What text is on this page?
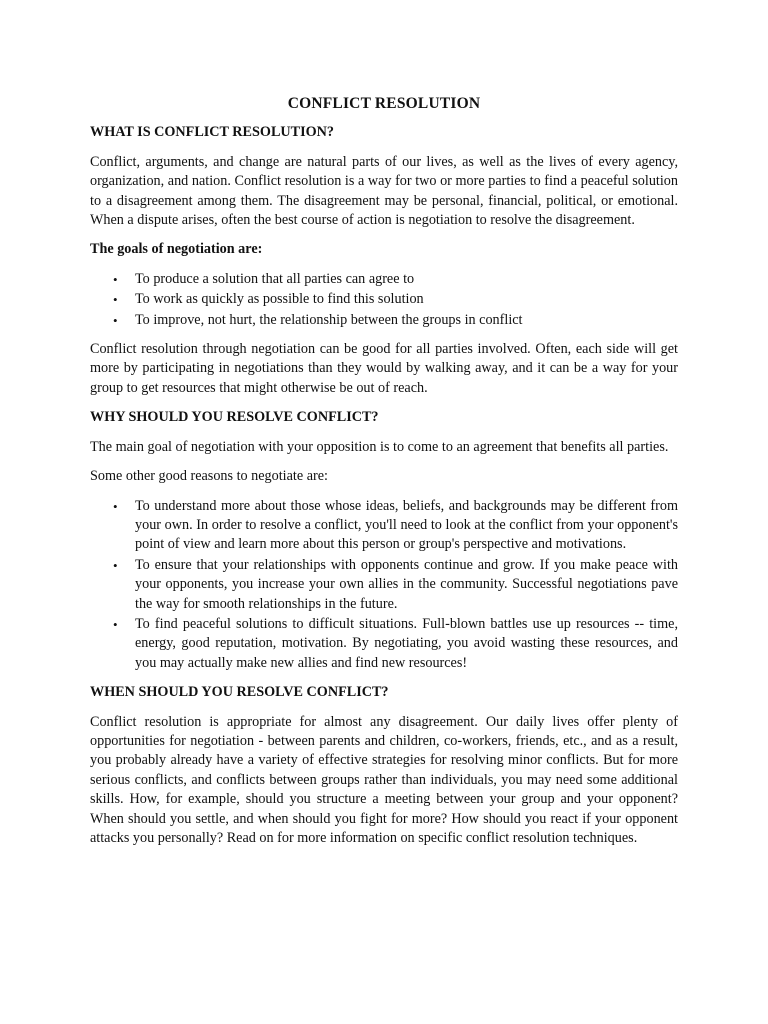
CONFLICT RESOLUTION
WHAT IS CONFLICT RESOLUTION?

Conflict, arguments, and change are natural parts of our lives, as well as the lives of every agency, organization, and nation. Conflict resolution is a way for two or more parties to find a peaceful solution to a disagreement among them. The disagreement may be personal, financial, political, or emotional. When a dispute arises, often the best course of action is negotiation to resolve the disagreement.

The goals of negotiation are:
• To produce a solution that all parties can agree to
• To work as quickly as possible to find this solution
• To improve, not hurt, the relationship between the groups in conflict

Conflict resolution through negotiation can be good for all parties involved. Often, each side will get more by participating in negotiations than they would by walking away, and it can be a way for your group to get resources that might otherwise be out of reach.

WHY SHOULD YOU RESOLVE CONFLICT?

The main goal of negotiation with your opposition is to come to an agreement that benefits all parties.

Some other good reasons to negotiate are:

• To understand more about those whose ideas, beliefs, and backgrounds may be different from your own. In order to resolve a conflict, you'll need to look at the conflict from your opponent's point of view and learn more about this person or group's perspective and motivations.
• To ensure that your relationships with opponents continue and grow. If you make peace with your opponents, you increase your own allies in the community. Successful negotiations pave the way for smooth relationships in the future.
• To find peaceful solutions to difficult situations. Full-blown battles use up resources -- time, energy, good reputation, motivation. By negotiating, you avoid wasting these resources, and you may actually make new allies and find new resources!
WHEN SHOULD YOU RESOLVE CONFLICT?

Conflict resolution is appropriate for almost any disagreement. Our daily lives offer plenty of opportunities for negotiation - between parents and children, co-workers, friends, etc., and as a result, you probably already have a variety of effective strategies for resolving minor conflicts. But for more serious conflicts, and conflicts between groups rather than individuals, you may need some additional skills. How, for example, should you structure a meeting between your group and your opponent? When should you settle, and when should you fight for more? How should you react if your opponent attacks you personally? Read on for more information on specific conflict resolution techniques.
